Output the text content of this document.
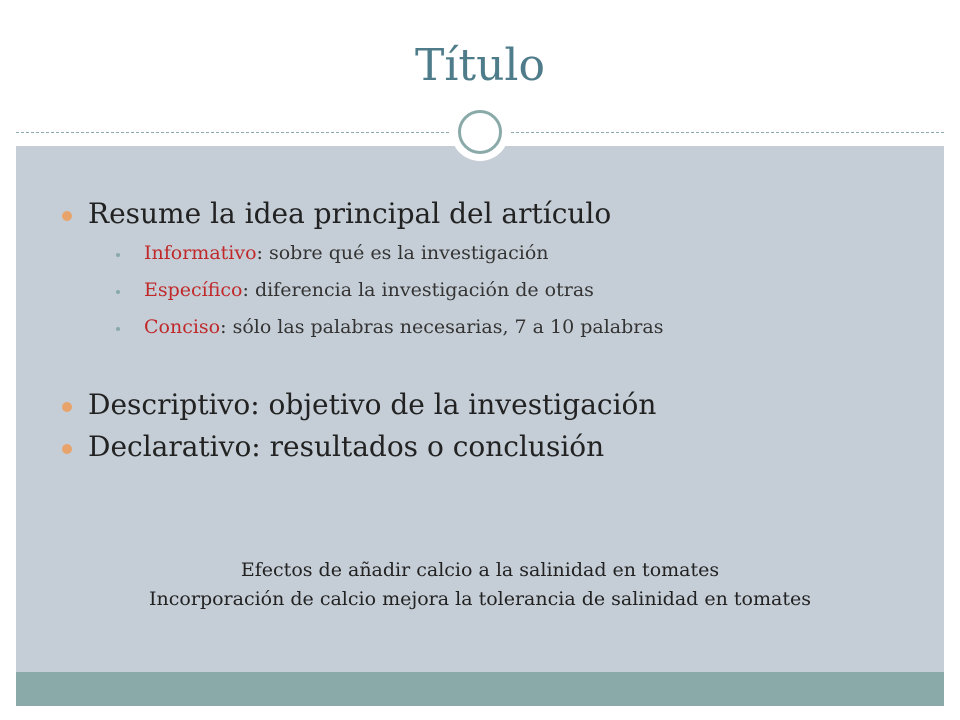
Título
Resume la idea principal del artículo
Informativo: sobre qué es la investigación
Específico: diferencia la investigación de otras
Conciso: sólo las palabras necesarias, 7 a 10 palabras
Descriptivo: objetivo de la investigación
Declarativo: resultados o conclusión
Efectos de añadir calcio a la salinidad en tomates
Incorporación de calcio mejora la tolerancia de salinidad en tomates
